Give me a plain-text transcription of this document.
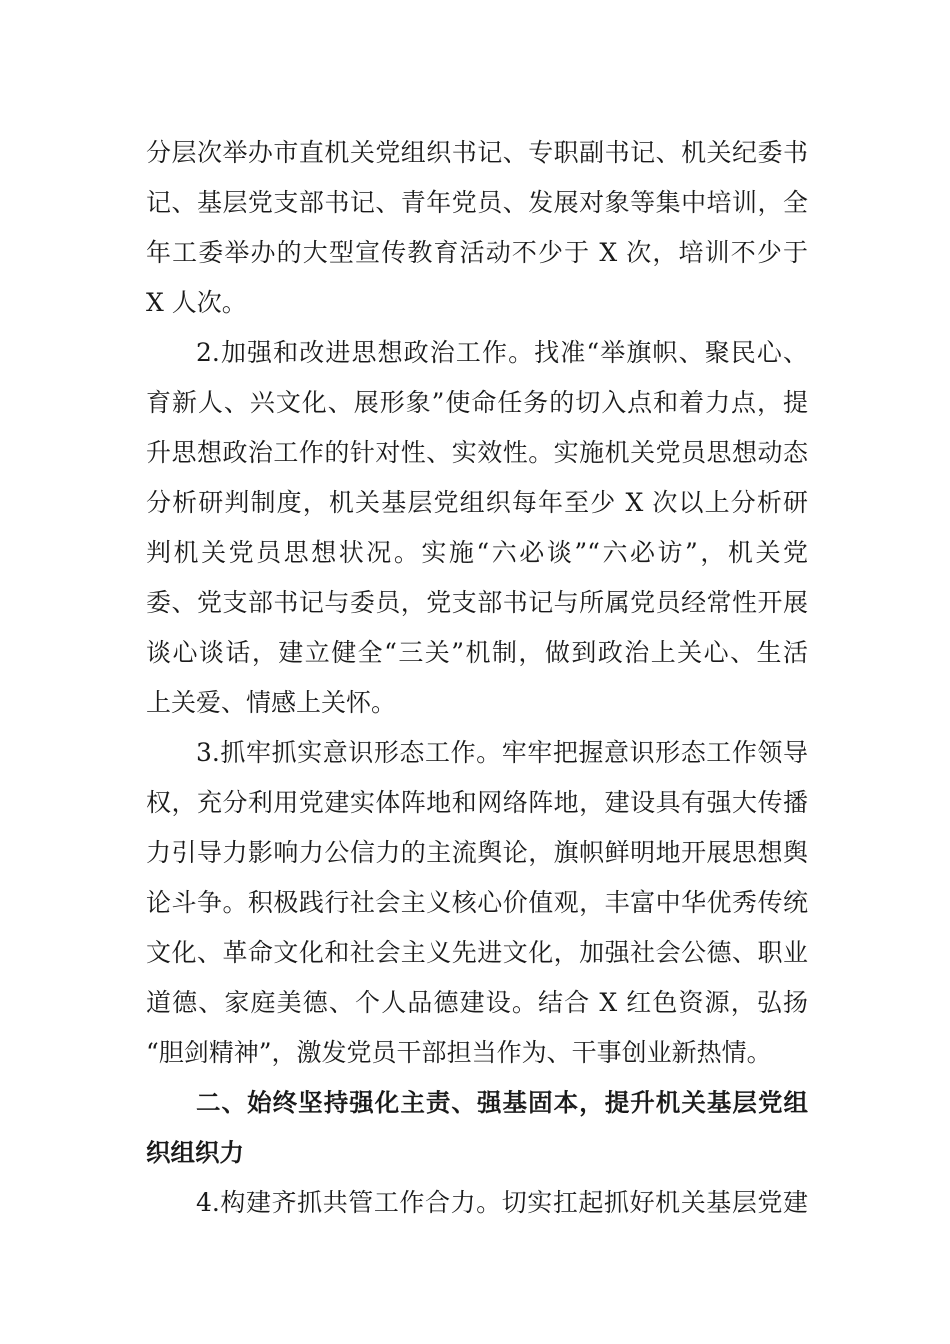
分层次举办市直机关党组织书记、专职副书记、机关纪委书
记、基层党支部书记、青年党员、发展对象等集中培训，全
年工委举办的大型宣传教育活动不少于 X 次，培训不少于
X 人次。
2.加强和改进思想政治工作。找准“举旗帜、聚民心、
育新人、兴文化、展形象”使命任务的切入点和着力点，提
升思想政治工作的针对性、实效性。实施机关党员思想动态
分析研判制度，机关基层党组织每年至少 X 次以上分析研
判机关党员思想状况。实施“六必谈”“六必访”，机关党
委、党支部书记与委员，党支部书记与所属党员经常性开展
谈心谈话，建立健全“三关”机制，做到政治上关心、生活
上关爱、情感上关怀。
3.抓牢抓实意识形态工作。牢牢把握意识形态工作领导
权，充分利用党建实体阵地和网络阵地，建设具有强大传播
力引导力影响力公信力的主流舆论，旗帜鲜明地开展思想舆
论斗争。积极践行社会主义核心价值观，丰富中华优秀传统
文化、革命文化和社会主义先进文化，加强社会公德、职业
道德、家庭美德、个人品德建设。结合 X 红色资源，弘扬
“胆剑精神”，激发党员干部担当作为、干事创业新热情。
二、始终坚持强化主责、强基固本，提升机关基层党组
织组织力
4.构建齐抓共管工作合力。切实扛起抓好机关基层党建
